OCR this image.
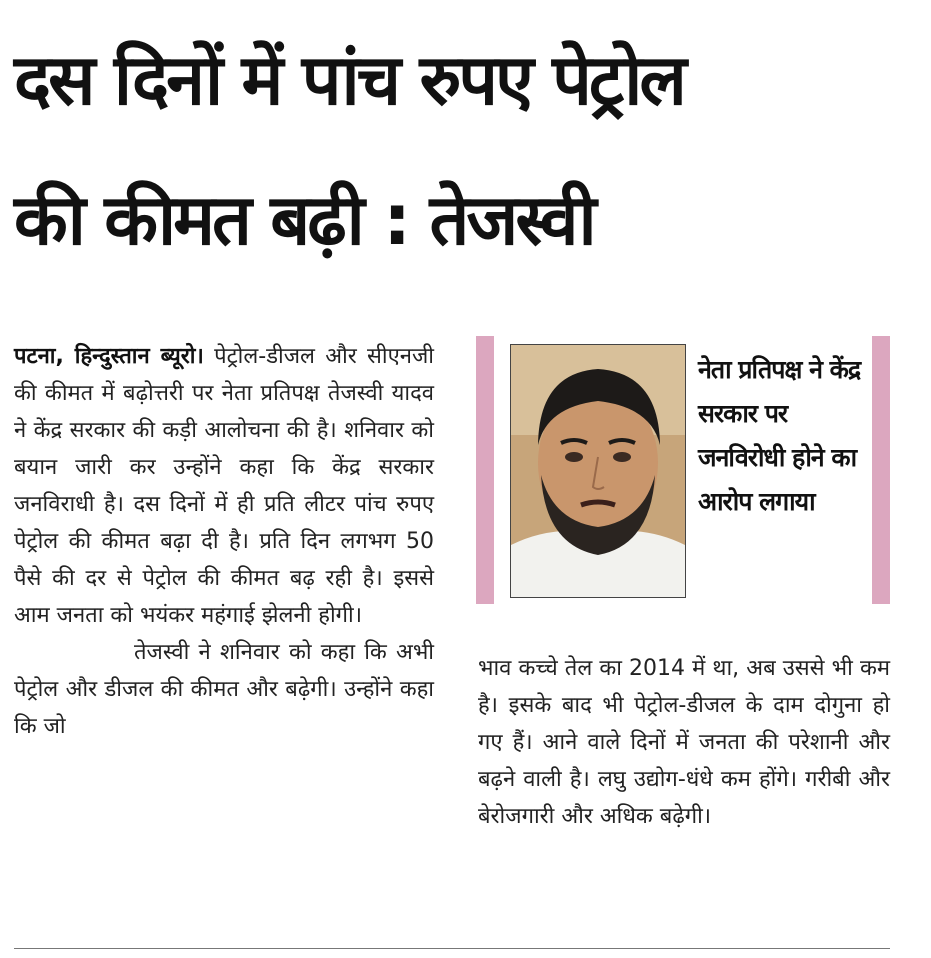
दस दिनों में पांच रुपए पेट्रोल
की कीमत बढ़ी : तेजस्वी

पटना, हिन्दुस्तान ब्यूरो। पेट्रोल-डीजल और सीएनजी की कीमत में बढ़ोत्तरी पर नेता प्रतिपक्ष तेजस्वी यादव ने केंद्र सरकार की कड़ी आलोचना की है। शनिवार को बयान जारी कर उन्होंने कहा कि केंद्र सरकार जनविराधी है। दस दिनों में ही प्रति लीटर पांच रुपए पेट्रोल की कीमत बढ़ा दी है। प्रति दिन लगभग 50 पैसे की दर से पेट्रोल की कीमत बढ़ रही है। इससे आम जनता को भयंकर महंगाई झेलनी होगी।

तेजस्वी ने शनिवार को कहा कि अभी पेट्रोल और डीजल की कीमत और बढ़ेगी। उन्होंने कहा कि जो

नेता प्रतिपक्ष ने केंद्र सरकार पर जनविरोधी होने का आरोप लगाया

भाव कच्चे तेल का 2014 में था, अब उससे भी कम है। इसके बाद भी पेट्रोल-डीजल के दाम दोगुना हो गए हैं। आने वाले दिनों में जनता की परेशानी और बढ़ने वाली है। लघु उद्योग-धंधे कम होंगे। गरीबी और बेरोजगारी और अधिक बढ़ेगी।
